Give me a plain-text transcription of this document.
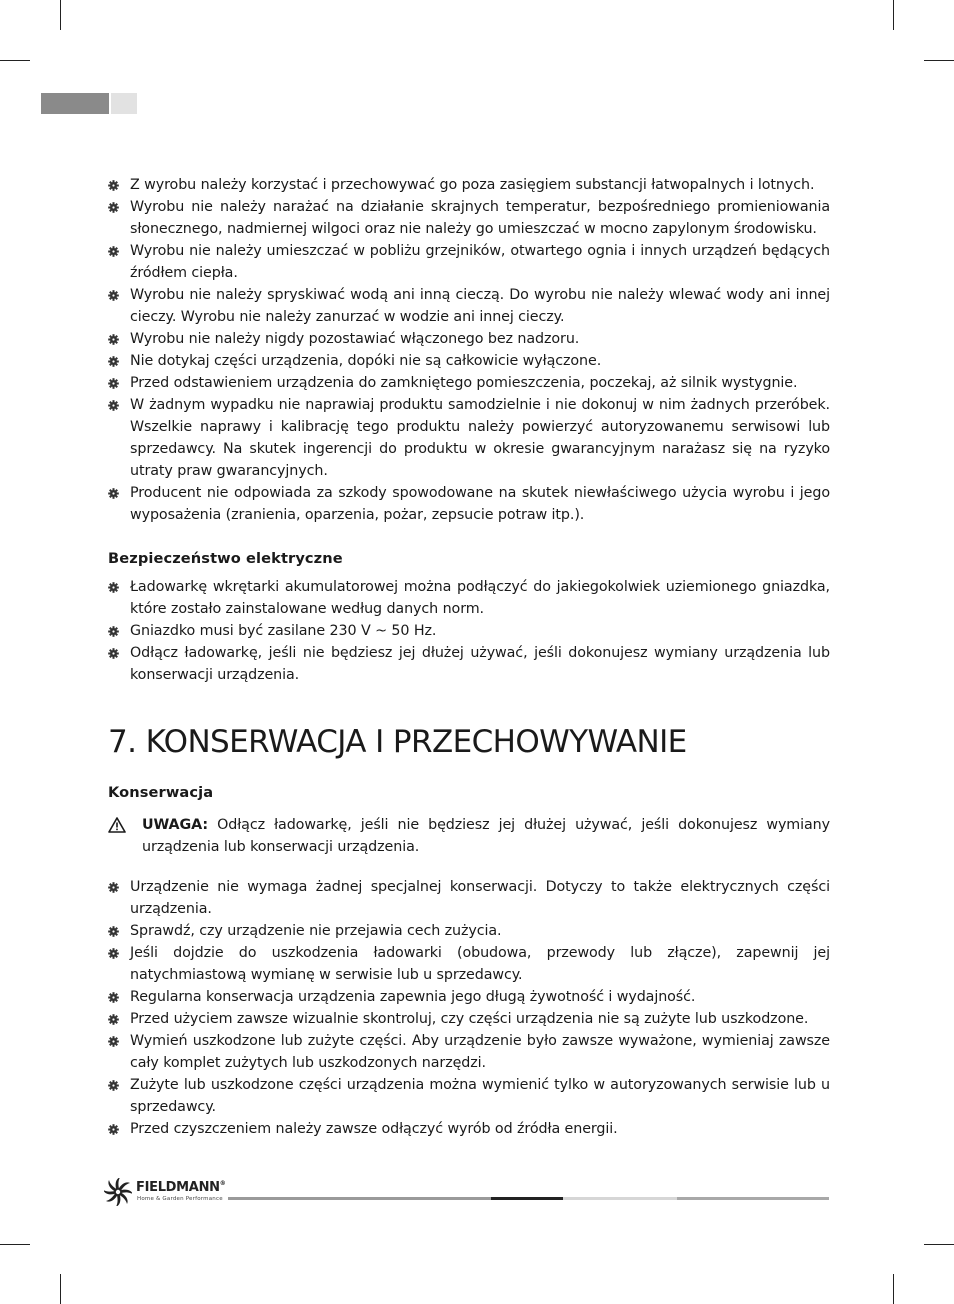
Z wyrobu należy korzystać i przechowywać go poza zasięgiem substancji łatwopalnych i lotnych.
Wyrobu nie należy narażać na działanie skrajnych temperatur, bezpośredniego promieniowania słonecznego, nadmiernej wilgoci oraz nie należy go umieszczać w mocno zapylonym środowisku.
Wyrobu nie należy umieszczać w pobliżu grzejników, otwartego ognia i innych urządzeń będących źródłem ciepła.
Wyrobu nie należy spryskiwać wodą ani inną cieczą. Do wyrobu nie należy wlewać wody ani innej cieczy. Wyrobu nie należy zanurzać w wodzie ani innej cieczy.
Wyrobu nie należy nigdy pozostawiać włączonego bez nadzoru.
Nie dotykaj części urządzenia, dopóki nie są całkowicie wyłączone.
Przed odstawieniem urządzenia do zamkniętego pomieszczenia, poczekaj, aż silnik wystygnie.
W żadnym wypadku nie naprawiaj produktu samodzielnie i nie dokonuj w nim żadnych przeróbek. Wszelkie naprawy i kalibrację tego produktu należy powierzyć autoryzowanemu serwisowi lub sprzedawcy. Na skutek ingerencji do produktu w okresie gwarancyjnym narażasz się na ryzyko utraty praw gwarancyjnych.
Producent nie odpowiada za szkody spowodowane na skutek niewłaściwego użycia wyrobu i jego wyposażenia (zranienia, oparzenia, pożar, zepsucie potraw itp.).
Bezpieczeństwo elektryczne
Ładowarkę wkrętarki akumulatorowej można podłączyć do jakiegokolwiek uziemionego gniazdka, które zostało zainstalowane według danych norm.
Gniazdko musi być zasilane 230 V ~ 50 Hz.
Odłącz ładowarkę, jeśli nie będziesz jej dłużej używać, jeśli dokonujesz wymiany urządzenia lub konserwacji urządzenia.
7. KONSERWACJA I PRZECHOWYWANIE
Konserwacja
UWAGA: Odłącz ładowarkę, jeśli nie będziesz jej dłużej używać, jeśli dokonujesz wymiany urządzenia lub konserwacji urządzenia.
Urządzenie nie wymaga żadnej specjalnej konserwacji. Dotyczy to także elektrycznych części urządzenia.
Sprawdź, czy urządzenie nie przejawia cech zużycia.
Jeśli dojdzie do uszkodzenia ładowarki (obudowa, przewody lub złącze), zapewnij jej natychmiastową wymianę w serwisie lub u sprzedawcy.
Regularna konserwacja urządzenia zapewnia jego długą żywotność i wydajność.
Przed użyciem zawsze wizualnie skontroluj, czy części urządzenia nie są zużyte lub uszkodzone.
Wymień uszkodzone lub zużyte części. Aby urządzenie było zawsze wyważone, wymieniaj zawsze cały komplet zużytych lub uszkodzonych narzędzi.
Zużyte lub uszkodzone części urządzenia można wymienić tylko w autoryzowanych serwisie lub u sprzedawcy.
Przed czyszczeniem należy zawsze odłączyć wyrób od źródła energii.
FIELDMANN®
Home & Garden Performance
